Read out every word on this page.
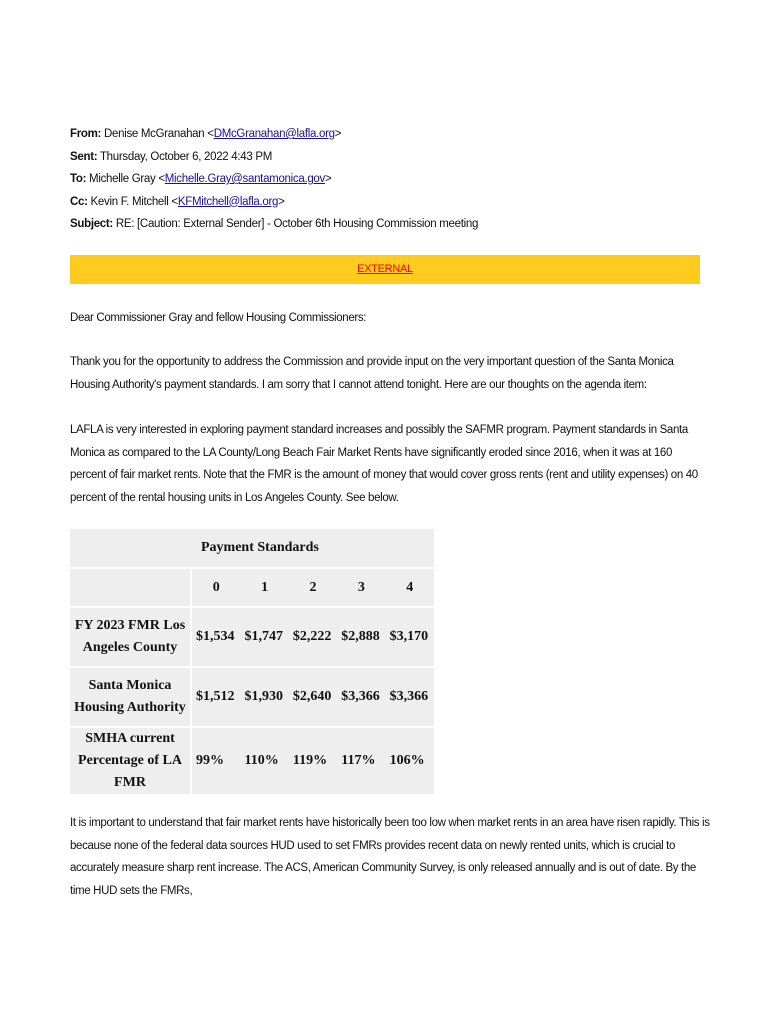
From: Denise McGranahan <DMcGranahan@lafla.org>
Sent: Thursday, October 6, 2022 4:43 PM
To: Michelle Gray <Michelle.Gray@santamonica.gov>
Cc: Kevin F. Mitchell <KFMitchell@lafla.org>
Subject: RE: [Caution: External Sender] - October 6th Housing Commission meeting
EXTERNAL
Dear Commissioner Gray and fellow Housing Commissioners:
Thank you for the opportunity to address the Commission and provide input on the very important question of the Santa Monica Housing Authority's payment standards. I am sorry that I cannot attend tonight. Here are our thoughts on the agenda item:
LAFLA is very interested in exploring payment standard increases and possibly the SAFMR program. Payment standards in Santa Monica as compared to the LA County/Long Beach Fair Market Rents have significantly eroded since 2016, when it was at 160 percent of fair market rents. Note that the FMR is the amount of money that would cover gross rents (rent and utility expenses) on 40 percent of the rental housing units in Los Angeles County. See below.
	Payment Standards				
	0	1	2	3	4

FY 2023 FMR Los
Angeles County	$1,534	$1,747	$2,222	$2,888	$3,170

Santa Monica
Housing Authority	$1,512	$1,930	$2,640	$3,366	$3,366

SMHA current
Percentage of LA FMR	99%	110%	119%	117%	106%
It is important to understand that fair market rents have historically been too low when market rents in an area have risen rapidly. This is because none of the federal data sources HUD used to set FMRs provides recent data on newly rented units, which is crucial to accurately measure sharp rent increase. The ACS, American Community Survey, is only released annually and is out of date. By the time HUD sets the FMRs,
